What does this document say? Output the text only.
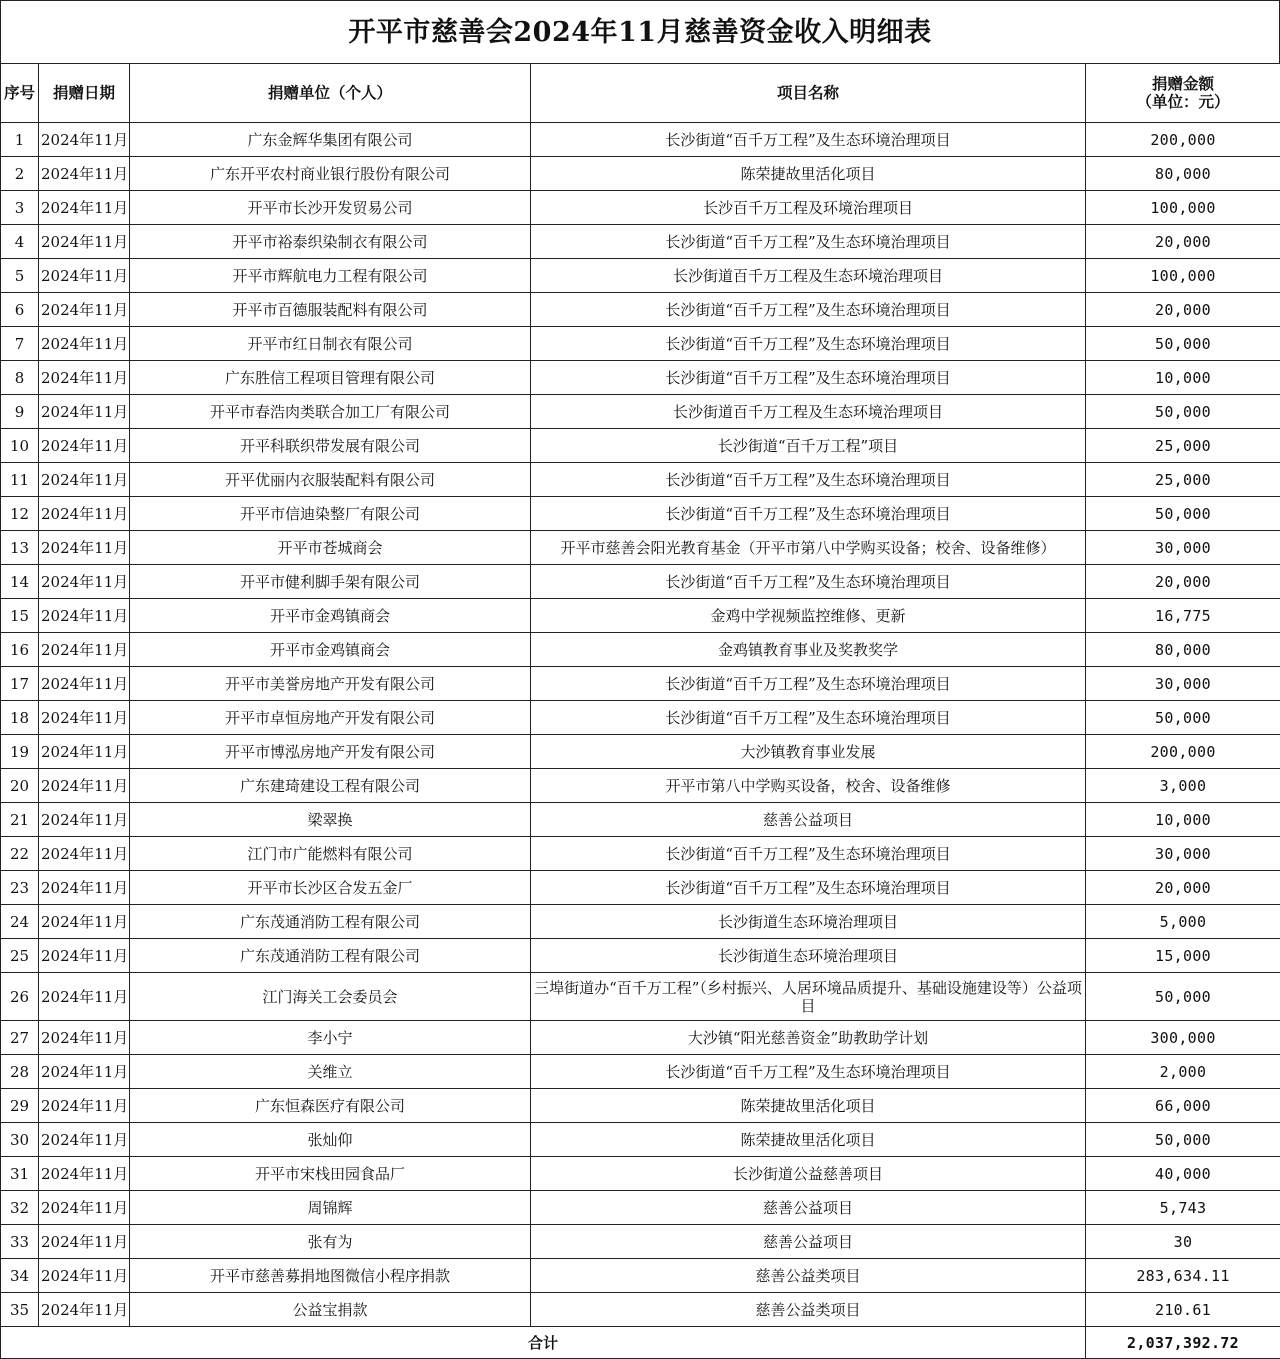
开平市慈善会2024年11月慈善资金收入明细表
序号	捐赠日期	捐赠单位（个人）	项目名称	捐赠金额
（单位：元）

1	2024年11月	广东金辉华集团有限公司	长沙街道“百千万工程”及生态环境治理项目	200,000
2	2024年11月	广东开平农村商业银行股份有限公司	陈荣捷故里活化项目	80,000
3	2024年11月	开平市长沙开发贸易公司	长沙百千万工程及环境治理项目	100,000
4	2024年11月	开平市裕泰织染制衣有限公司	长沙街道“百千万工程”及生态环境治理项目	20,000
5	2024年11月	开平市辉航电力工程有限公司	长沙街道百千万工程及生态环境治理项目	100,000
6	2024年11月	开平市百德服装配料有限公司	长沙街道“百千万工程”及生态环境治理项目	20,000
7	2024年11月	开平市红日制衣有限公司	长沙街道“百千万工程”及生态环境治理项目	50,000
8	2024年11月	广东胜信工程项目管理有限公司	长沙街道“百千万工程”及生态环境治理项目	10,000
9	2024年11月	开平市春浩肉类联合加工厂有限公司	长沙街道百千万工程及生态环境治理项目	50,000
10	2024年11月	开平科联织带发展有限公司	长沙街道“百千万工程”项目	25,000
11	2024年11月	开平优丽内衣服装配料有限公司	长沙街道“百千万工程”及生态环境治理项目	25,000
12	2024年11月	开平市信迪染整厂有限公司	长沙街道“百千万工程”及生态环境治理项目	50,000
13	2024年11月	开平市苍城商会	开平市慈善会阳光教育基金（开平市第八中学购买设备；校舍、设备维修）	30,000
14	2024年11月	开平市健利脚手架有限公司	长沙街道“百千万工程”及生态环境治理项目	20,000
15	2024年11月	开平市金鸡镇商会	金鸡中学视频监控维修、更新	16,775
16	2024年11月	开平市金鸡镇商会	金鸡镇教育事业及奖教奖学	80,000
17	2024年11月	开平市美誉房地产开发有限公司	长沙街道“百千万工程”及生态环境治理项目	30,000
18	2024年11月	开平市卓恒房地产开发有限公司	长沙街道“百千万工程”及生态环境治理项目	50,000
19	2024年11月	开平市博泓房地产开发有限公司	大沙镇教育事业发展	200,000
20	2024年11月	广东建琦建设工程有限公司	开平市第八中学购买设备，校舍、设备维修	3,000
21	2024年11月	梁翠换	慈善公益项目	10,000
22	2024年11月	江门市广能燃料有限公司	长沙街道“百千万工程”及生态环境治理项目	30,000
23	2024年11月	开平市长沙区合发五金厂	长沙街道“百千万工程”及生态环境治理项目	20,000
24	2024年11月	广东茂通消防工程有限公司	长沙街道生态环境治理项目	5,000
25	2024年11月	广东茂通消防工程有限公司	长沙街道生态环境治理项目	15,000
26	2024年11月	江门海关工会委员会	三埠街道办“百千万工程”（乡村振兴、人居环境品质提升、基础设施建设等）公益项目	50,000
27	2024年11月	李小宁	大沙镇“阳光慈善资金”助教助学计划	300,000
28	2024年11月	关维立	长沙街道“百千万工程”及生态环境治理项目	2,000
29	2024年11月	广东恒森医疗有限公司	陈荣捷故里活化项目	66,000
30	2024年11月	张灿仰	陈荣捷故里活化项目	50,000
31	2024年11月	开平市宋栈田园食品厂	长沙街道公益慈善项目	40,000
32	2024年11月	周锦辉	慈善公益项目	5,743
33	2024年11月	张有为	慈善公益项目	30
34	2024年11月	开平市慈善募捐地图微信小程序捐款	慈善公益类项目	283,634.11
35	2024年11月	公益宝捐款	慈善公益类项目	210.61
合计				2,037,392.72
